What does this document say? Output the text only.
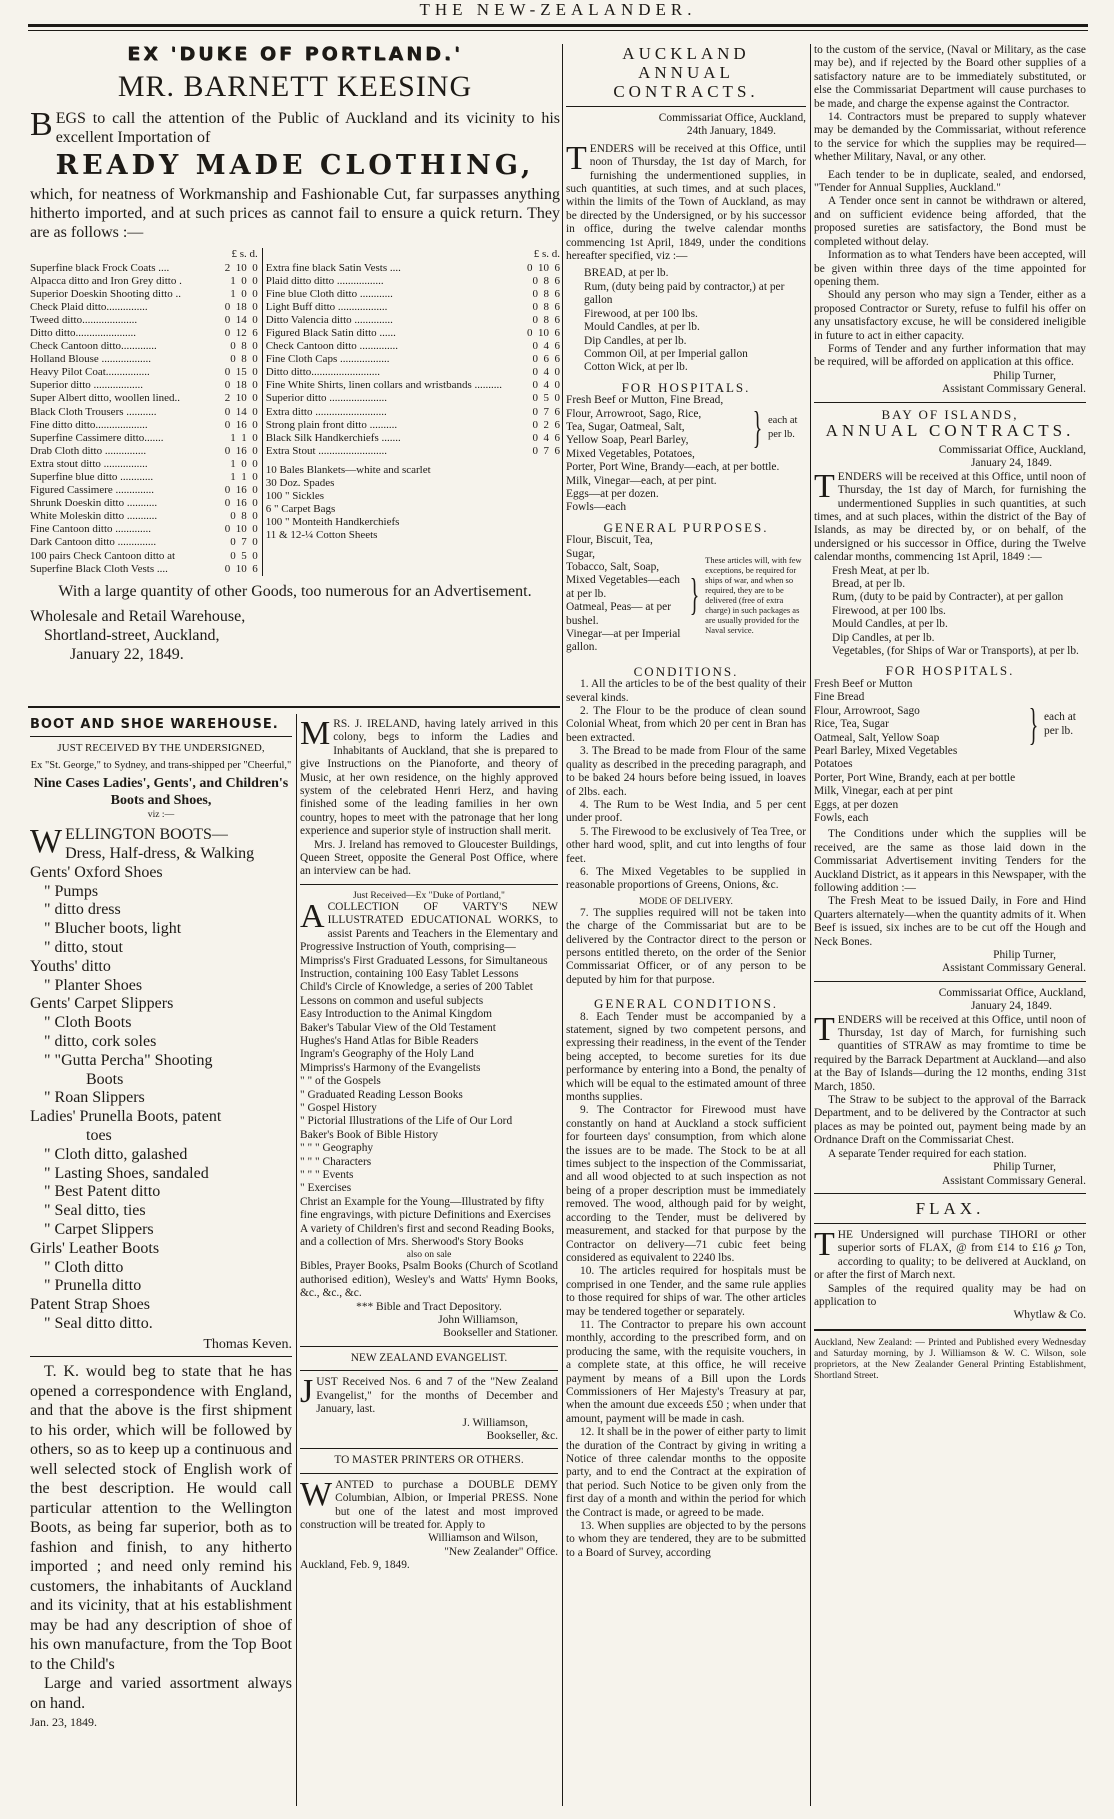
THE NEW-ZEALANDER.
EX 'DUKE OF PORTLAND.'
MR. BARNETT KEESING

BEGS to call the attention of the Public of Auckland and its vicinity to his excellent Importation of

READY MADE CLOTHING,

which, for neatness of Workmanship and Fashionable Cut, far surpasses anything hitherto imported, and at such prices as cannot fail to ensure a quick return. They are as follows :—

£ s. d.
Superfine black Frock Coats ....	2  10  0
Alpacca ditto and Iron Grey ditto .	1  0  0
Superior Doeskin Shooting ditto ..	1  0  0
Check Plaid ditto...............	0  18  0
Tweed ditto....................	0  14  0
Ditto ditto......................	0  12  6
Check Cantoon ditto.............	0  8  0
Holland Blouse ..................	0  8  0
Heavy Pilot Coat................	0  15  0
Superior ditto ..................	0  18  0
Super Albert ditto, woollen lined..	2  10  0
Black Cloth Trousers ...........	0  14  0
Fine ditto ditto...................	0  16  0
Superfine Cassimere ditto.......	1  1  0
Drab Cloth ditto ...............	0  16  0
Extra stout ditto ................	1  0  0
Superfine blue ditto ............	1  1  0
Figured Cassimere ..............	0  16  0
Shrunk Doeskin ditto ...........	0  16  0
White Moleskin ditto ...........	0  8  0
Fine Cantoon ditto .............	0  10  0
Dark Cantoon ditto ..............	0  7  0
100 pairs Check Cantoon ditto at	0  5  0
Superfine Black Cloth Vests ....	0  10  6
£ s. d.
Extra fine black Satin Vests ....	0  10  6
Plaid ditto ditto .................	0  8  6
Fine blue Cloth ditto ............	0  8  6
Light Buff ditto ..................	0  8  6
Ditto Valencia ditto ..............	0  8  6
Figured Black Satin ditto ......	0  10  6
Check Cantoon ditto ..............	0  4  6
Fine Cloth Caps ..................	0  6  6
Ditto ditto.........................	0  4  0
Fine White Shirts, linen collars and wristbands ..........	0  4  0
Superior ditto .....................	0  5  0
Extra ditto ..........................	0  7  6
Strong plain front ditto ..........	0  2  6
Black Silk Handkerchiefs .......	0  4  6
Extra Stout .........................	0  7  6

10 Bales Blankets—white and scarlet

30 Doz. Spades

100 " Sickles

6 " Carpet Bags

100 " Monteith Handkerchiefs

11 & 12-¼ Cotton Sheets

With a large quantity of other Goods, too numerous for an Advertisement.

Wholesale and Retail Warehouse,

Shortland-street, Auckland,

January 22, 1849.

BOOT AND SHOE WAREHOUSE.

JUST RECEIVED BY THE UNDERSIGNED,

Ex "St. George," to Sydney, and trans-shipped per "Cheerful,"

Nine Cases Ladies', Gents', and Children's Boots and Shoes,

viz :—

WELLINGTON BOOTS—

Dress, Half-dress, & Walking

Gents' Oxford Shoes

" Pumps

" ditto dress

" Blucher boots, light

" ditto, stout

Youths' ditto

" Planter Shoes

Gents' Carpet Slippers

" Cloth Boots

" ditto, cork soles

" "Gutta Percha" Shooting

Boots

" Roan Slippers

Ladies' Prunella Boots, patent

toes

" Cloth ditto, galashed

" Lasting Shoes, sandaled

" Best Patent ditto

" Seal ditto, ties

" Carpet Slippers

Girls' Leather Boots

" Cloth ditto

" Prunella ditto

Patent Strap Shoes

" Seal ditto ditto.

Thomas Keven.

T. K. would beg to state that he has opened a correspondence with England, and that the above is the first shipment to his order, which will be followed by others, so as to keep up a continuous and well selected stock of English work of the best description. He would call particular attention to the Wellington Boots, as being far superior, both as to fashion and finish, to any hitherto imported ; and need only remind his customers, the inhabitants of Auckland and its vicinity, that at his establishment may be had any description of shoe of his own manufacture, from the Top Boot to the Child's

Large and varied assortment always on hand.

Jan. 23, 1849.

MRS. J. IRELAND, having lately arrived in this colony, begs to inform the Ladies and Inhabitants of Auckland, that she is prepared to give Instructions on the Pianoforte, and theory of Music, at her own residence, on the highly approved system of the celebrated Henri Herz, and having finished some of the leading families in her own country, hopes to meet with the patronage that her long experience and superior style of instruction shall merit.

Mrs. J. Ireland has removed to Gloucester Buildings, Queen Street, opposite the General Post Office, where an interview can be had.

Just Received—Ex "Duke of Portland,"

ACOLLECTION OF VARTY'S NEW ILLUSTRATED EDUCATIONAL WORKS, to assist Parents and Teachers in the Elementary and Progressive Instruction of Youth, comprising—

Mimpriss's First Graduated Lessons, for Simultaneous Instruction, containing 100 Easy Tablet Lessons

Child's Circle of Knowledge, a series of 200 Tablet Lessons on common and useful subjects

Easy Introduction to the Animal Kingdom

Baker's Tabular View of the Old Testament

Hughes's Hand Atlas for Bible Readers

Ingram's Geography of the Holy Land

Mimpriss's Harmony of the Evangelists

" " of the Gospels

" Graduated Reading Lesson Books

" Gospel History

" Pictorial Illustrations of the Life of Our Lord

Baker's Book of Bible History

" " " Geography

" " " Characters

" " " Events

" Exercises

Christ an Example for the Young—Illustrated by fifty fine engravings, with picture Definitions and Exercises

A variety of Children's first and second Reading Books, and a collection of Mrs. Sherwood's Story Books

also on sale

Bibles, Prayer Books, Psalm Books (Church of Scotland authorised edition), Wesley's and Watts' Hymn Books, &c., &c., &c.

*** Bible and Tract Depository.

John Williamson,

Bookseller and Stationer.

NEW ZEALAND EVANGELIST.

JUST Received Nos. 6 and 7 of the "New Zealand Evangelist," for the months of December and January, last.

J. Williamson,

Bookseller, &c.

TO MASTER PRINTERS OR OTHERS.

WANTED to purchase a DOUBLE DEMY Columbian, Albion, or Imperial PRESS. None but one of the latest and most improved construction will be treated for. Apply to

Williamson and Wilson,

"New Zealander" Office.

Auckland, Feb. 9, 1849.

AUCKLAND

ANNUAL CONTRACTS.

Commissariat Office, Auckland,

24th January, 1849.

TENDERS will be received at this Office, until noon of Thursday, the 1st day of March, for furnishing the undermentioned supplies, in such quantities, at such times, and at such places, within the limits of the Town of Auckland, as may be directed by the Undersigned, or by his successor in office, during the twelve calendar months commencing 1st April, 1849, under the conditions hereafter specified, viz :—

BREAD, at per lb.

Rum, (duty being paid by contractor,) at per gallon

Firewood, at per 100 lbs.

Mould Candles, at per lb.

Dip Candles, at per lb.

Common Oil, at per Imperial gallon

Cotton Wick, at per lb.

FOR HOSPITALS.

Fresh Beef or Mutton, Fine Bread,

Flour, Arrowroot, Sago, Rice,

Tea, Sugar, Oatmeal, Salt,

Yellow Soap, Pearl Barley,

Mixed Vegetables, Potatoes,

} each at per lb.

Porter, Port Wine, Brandy—each, at per bottle.

Milk, Vinegar—each, at per pint.

Eggs—at per dozen.

Fowls—each

GENERAL PURPOSES.

Flour, Biscuit, Tea, Sugar,

Tobacco, Salt, Soap,

Mixed Vegetables—each

at per lb.

Oatmeal, Peas— at per

bushel.

Vinegar—at per Imperial

gallon.

}
These articles will, with few exceptions, be required for ships of war, and when so required, they are to be delivered (free of extra charge) in such packages as are usually provided for the Naval service.

CONDITIONS.

1. All the articles to be of the best quality of their several kinds.

2. The Flour to be the produce of clean sound Colonial Wheat, from which 20 per cent in Bran has been extracted.

3. The Bread to be made from Flour of the same quality as described in the preceding paragraph, and to be baked 24 hours before being issued, in loaves of 2lbs. each.

4. The Rum to be West India, and 5 per cent under proof.

5. The Firewood to be exclusively of Tea Tree, or other hard wood, split, and cut into lengths of four feet.

6. The Mixed Vegetables to be supplied in reasonable proportions of Greens, Onions, &c.

MODE OF DELIVERY.

7. The supplies required will not be taken into the charge of the Commissariat but are to be delivered by the Contractor direct to the person or persons entitled thereto, on the order of the Senior Commissariat Officer, or of any person to be deputed by him for that purpose.

GENERAL CONDITIONS.

8. Each Tender must be accompanied by a statement, signed by two competent persons, and expressing their readiness, in the event of the Tender being accepted, to become sureties for its due performance by entering into a Bond, the penalty of which will be equal to the estimated amount of three months supplies.

9. The Contractor for Firewood must have constantly on hand at Auckland a stock sufficient for fourteen days' consumption, from which alone the issues are to be made. The Stock to be at all times subject to the inspection of the Commissariat, and all wood objected to at such inspection as not being of a proper description must be immediately removed. The wood, although paid for by weight, according to the Tender, must be delivered by measurement, and stacked for that purpose by the Contractor on delivery—71 cubic feet being considered as equivalent to 2240 lbs.

10. The articles required for hospitals must be comprised in one Tender, and the same rule applies to those required for ships of war. The other articles may be tendered together or separately.

11. The Contractor to prepare his own account monthly, according to the prescribed form, and on producing the same, with the requisite vouchers, in a complete state, at this office, he will receive payment by means of a Bill upon the Lords Commissioners of Her Majesty's Treasury at par, when the amount due exceeds £50 ; when under that amount, payment will be made in cash.

12. It shall be in the power of either party to limit the duration of the Contract by giving in writing a Notice of three calendar months to the opposite party, and to end the Contract at the expiration of that period. Such Notice to be given only from the first day of a month and within the period for which the Contract is made, or agreed to be made.

13. When supplies are objected to by the persons to whom they are tendered, they are to be submitted to a Board of Survey, according

to the custom of the service, (Naval or Military, as the case may be), and if rejected by the Board other supplies of a satisfactory nature are to be immediately substituted, or else the Commissariat Department will cause purchases to be made, and charge the expense against the Contractor.

14. Contractors must be prepared to supply whatever may be demanded by the Commissariat, without reference to the service for which the supplies may be required—whether Military, Naval, or any other.

Each tender to be in duplicate, sealed, and endorsed, "Tender for Annual Supplies, Auckland."

A Tender once sent in cannot be withdrawn or altered, and on sufficient evidence being afforded, that the proposed sureties are satisfactory, the Bond must be completed without delay.

Information as to what Tenders have been accepted, will be given within three days of the time appointed for opening them.

Should any person who may sign a Tender, either as a proposed Contractor or Surety, refuse to fulfil his offer on any unsatisfactory excuse, he will be considered ineligible in future to act in either capacity.

Forms of Tender and any further information that may be required, will be afforded on application at this office.

Philip Turner,

Assistant Commissary General.

BAY OF ISLANDS,

ANNUAL CONTRACTS.

Commissariat Office, Auckland,

January 24, 1849.

TENDERS will be received at this Office, until noon of Thursday, the 1st day of March, for furnishing the undermentioned Supplies in such quantities, at such times, and at such places, within the district of the Bay of Islands, as may be directed by, or on behalf, of the undersigned or his successor in Office, during the Twelve calendar months, commencing 1st April, 1849 :—

Fresh Meat, at per lb.

Bread, at per lb.

Rum, (duty to be paid by Contracter), at per gallon

Firewood, at per 100 lbs.

Mould Candles, at per lb.

Dip Candles, at per lb.

Vegetables, (for Ships of War or Transports), at per lb.

FOR HOSPITALS.

Fresh Beef or Mutton

Fine Bread

Flour, Arrowroot, Sago

Rice, Tea, Sugar

Oatmeal, Salt, Yellow Soap

Pearl Barley, Mixed Vegetables

Potatoes

} each at per lb.

Porter, Port Wine, Brandy, each at per bottle

Milk, Vinegar, each at per pint

Eggs, at per dozen

Fowls, each

The Conditions under which the supplies will be received, are the same as those laid down in the Commissariat Advertisement inviting Tenders for the Auckland District, as it appears in this Newspaper, with the following addition :—

The Fresh Meat to be issued Daily, in Fore and Hind Quarters alternately—when the quantity admits of it. When Beef is issued, six inches are to be cut off the Hough and Neck Bones.

Philip Turner,

Assistant Commissary General.

Commissariat Office, Auckland,

January 24, 1849.

TENDERS will be received at this Office, until noon of Thursday, 1st day of March, for furnishing such quantities of STRAW as may fromtime to time be required by the Barrack Department at Auckland—and also at the Bay of Islands—during the 12 months, ending 31st March, 1850.

The Straw to be subject to the approval of the Barrack Department, and to be delivered by the Contractor at such places as may be pointed out, payment being made by an Ordnance Draft on the Commissariat Chest.

A separate Tender required for each station.

Philip Turner,

Assistant Commissary General.

FLAX.

THE Undersigned will purchase TIHORI or other superior sorts of FLAX, @ from £14 to £16 ℘ Ton, according to quality; to be delivered at Auckland, on or after the first of March next.

Samples of the required quality may be had on application to

Whytlaw & Co.

Auckland, New Zealand: — Printed and Published every Wednesday and Saturday morning, by J. Williamson & W. C. Wilson, sole proprietors, at the New Zealander General Printing Establishment, Shortland Street.
